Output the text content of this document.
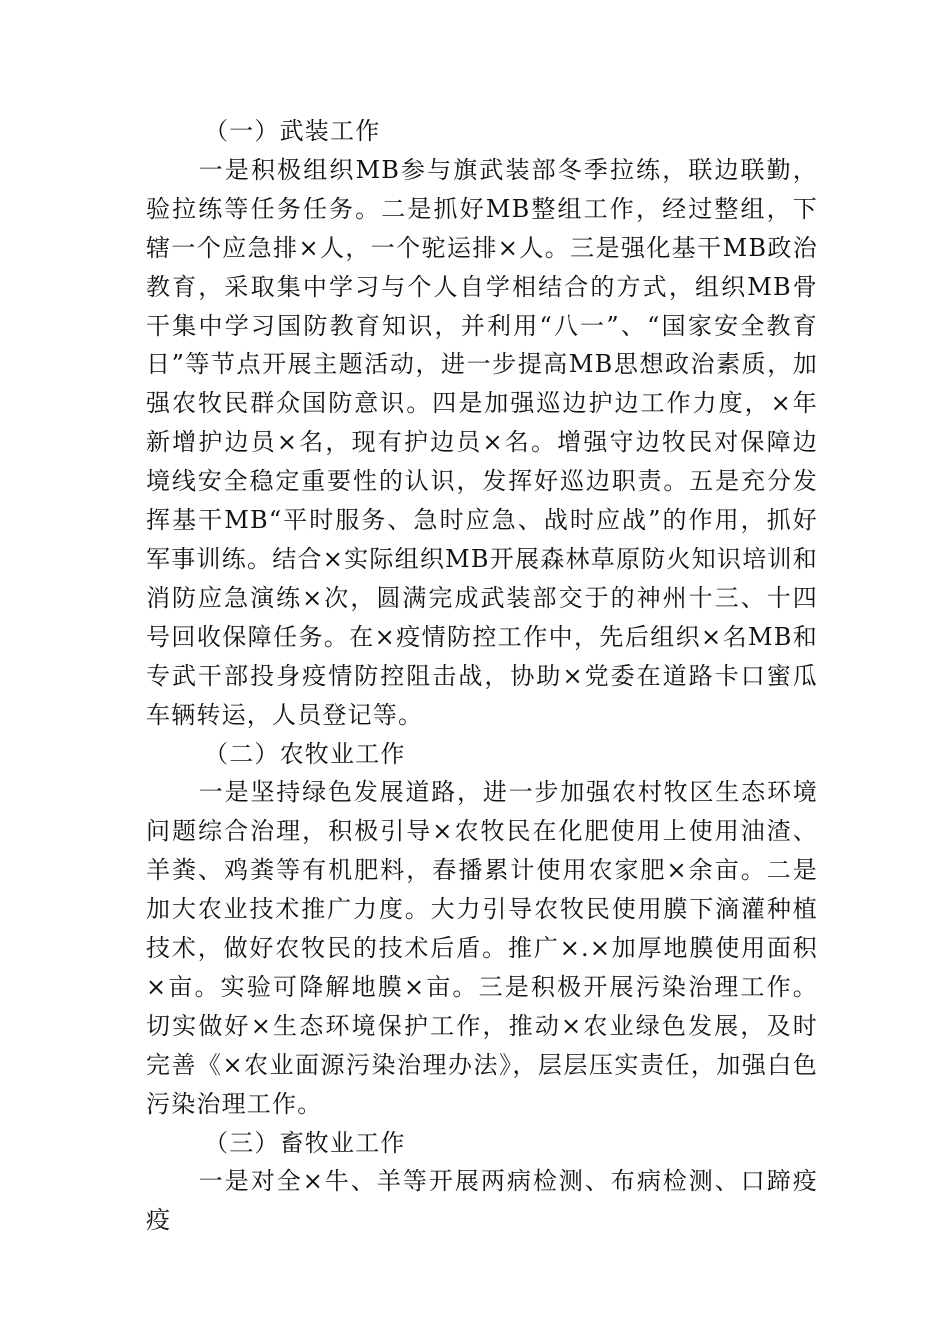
（一）武装工作

一是积极组织MB参与旗武装部冬季拉练，联边联勤，验拉练等任务任务。二是抓好MB整组工作，经过整组，下辖一个应急排×人，一个驼运排×人。三是强化基干MB政治教育，采取集中学习与个人自学相结合的方式，组织MB骨干集中学习国防教育知识，并利用“八一”、“国家安全教育日”等节点开展主题活动，进一步提高MB思想政治素质，加强农牧民群众国防意识。四是加强巡边护边工作力度，×年新增护边员×名，现有护边员×名。增强守边牧民对保障边境线安全稳定重要性的认识，发挥好巡边职责。五是充分发挥基干MB“平时服务、急时应急、战时应战”的作用，抓好军事训练。结合×实际组织MB开展森林草原防火知识培训和消防应急演练×次，圆满完成武装部交于的神州十三、十四号回收保障任务。在×疫情防控工作中，先后组织×名MB和专武干部投身疫情防控阻击战，协助×党委在道路卡口蜜瓜车辆转运，人员登记等。

（二）农牧业工作

一是坚持绿色发展道路，进一步加强农村牧区生态环境问题综合治理，积极引导×农牧民在化肥使用上使用油渣、羊粪、鸡粪等有机肥料，春播累计使用农家肥×余亩。二是加大农业技术推广力度。大力引导农牧民使用膜下滴灌种植技术，做好农牧民的技术后盾。推广×.×加厚地膜使用面积×亩。实验可降解地膜×亩。三是积极开展污染治理工作。切实做好×生态环境保护工作，推动×农业绿色发展，及时完善《×农业面源污染治理办法》，层层压实责任，加强白色污染治理工作。

（三）畜牧业工作

一是对全×牛、羊等开展两病检测、布病检测、口蹄疫疫
